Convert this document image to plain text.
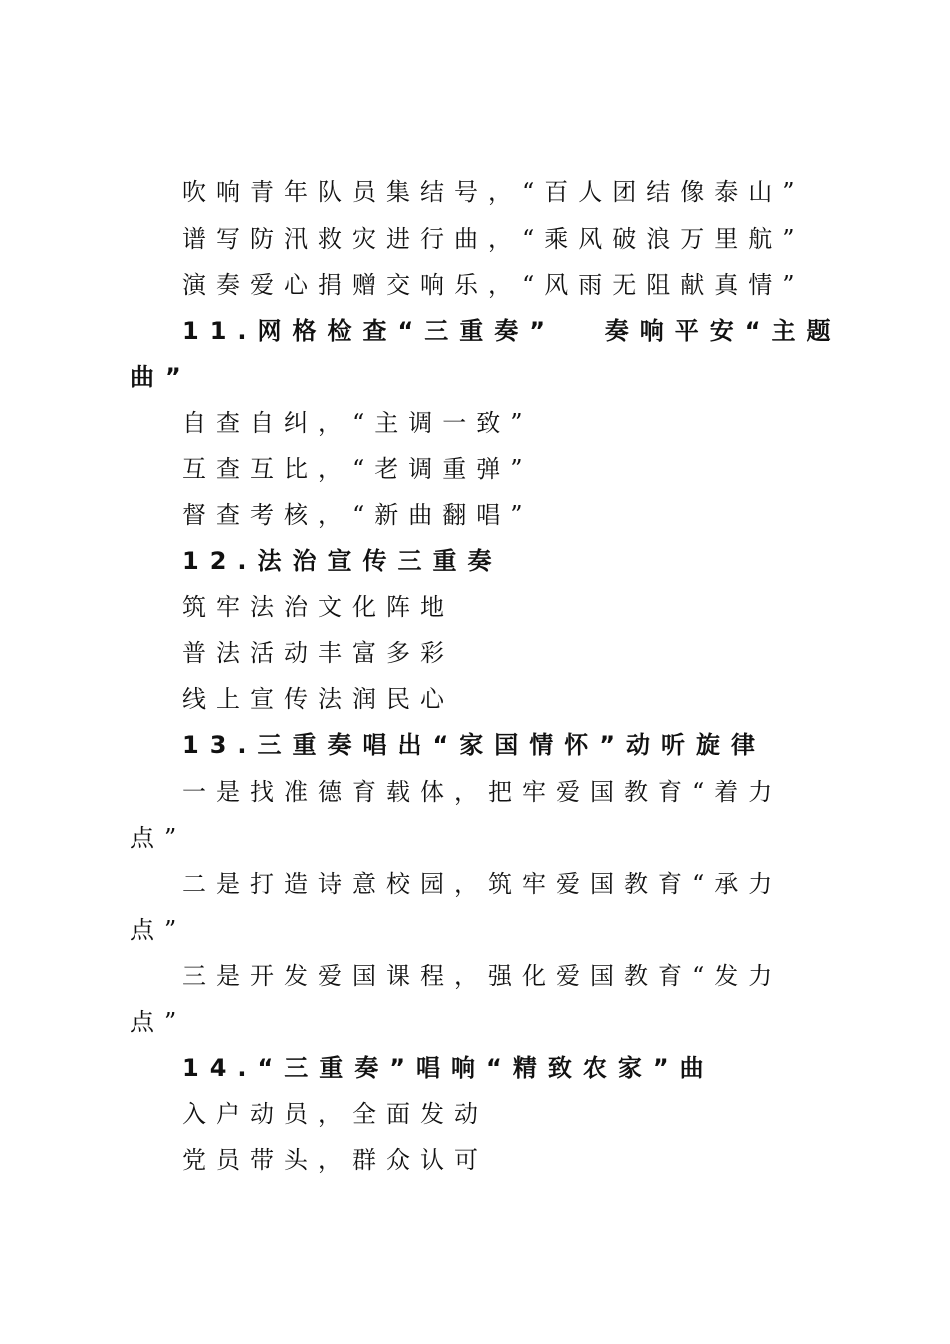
吹响青年队员集结号，“百人团结像泰山”
谱写防汛救灾进行曲，“乘风破浪万里航”
演奏爱心捐赠交响乐，“风雨无阻献真情”
11.网格检查“三重奏” 奏响平安“主题
曲”
自查自纠，“主调一致”
互查互比，“老调重弹”
督查考核，“新曲翻唱”
12.法治宣传三重奏
筑牢法治文化阵地
普法活动丰富多彩
线上宣传法润民心
13.三重奏唱出“家国情怀”动听旋律
一是找准德育载体，把牢爱国教育“着力
点”
二是打造诗意校园，筑牢爱国教育“承力
点”
三是开发爱国课程，强化爱国教育“发力
点”
14.“三重奏”唱响“精致农家”曲
入户动员，全面发动
党员带头，群众认可
